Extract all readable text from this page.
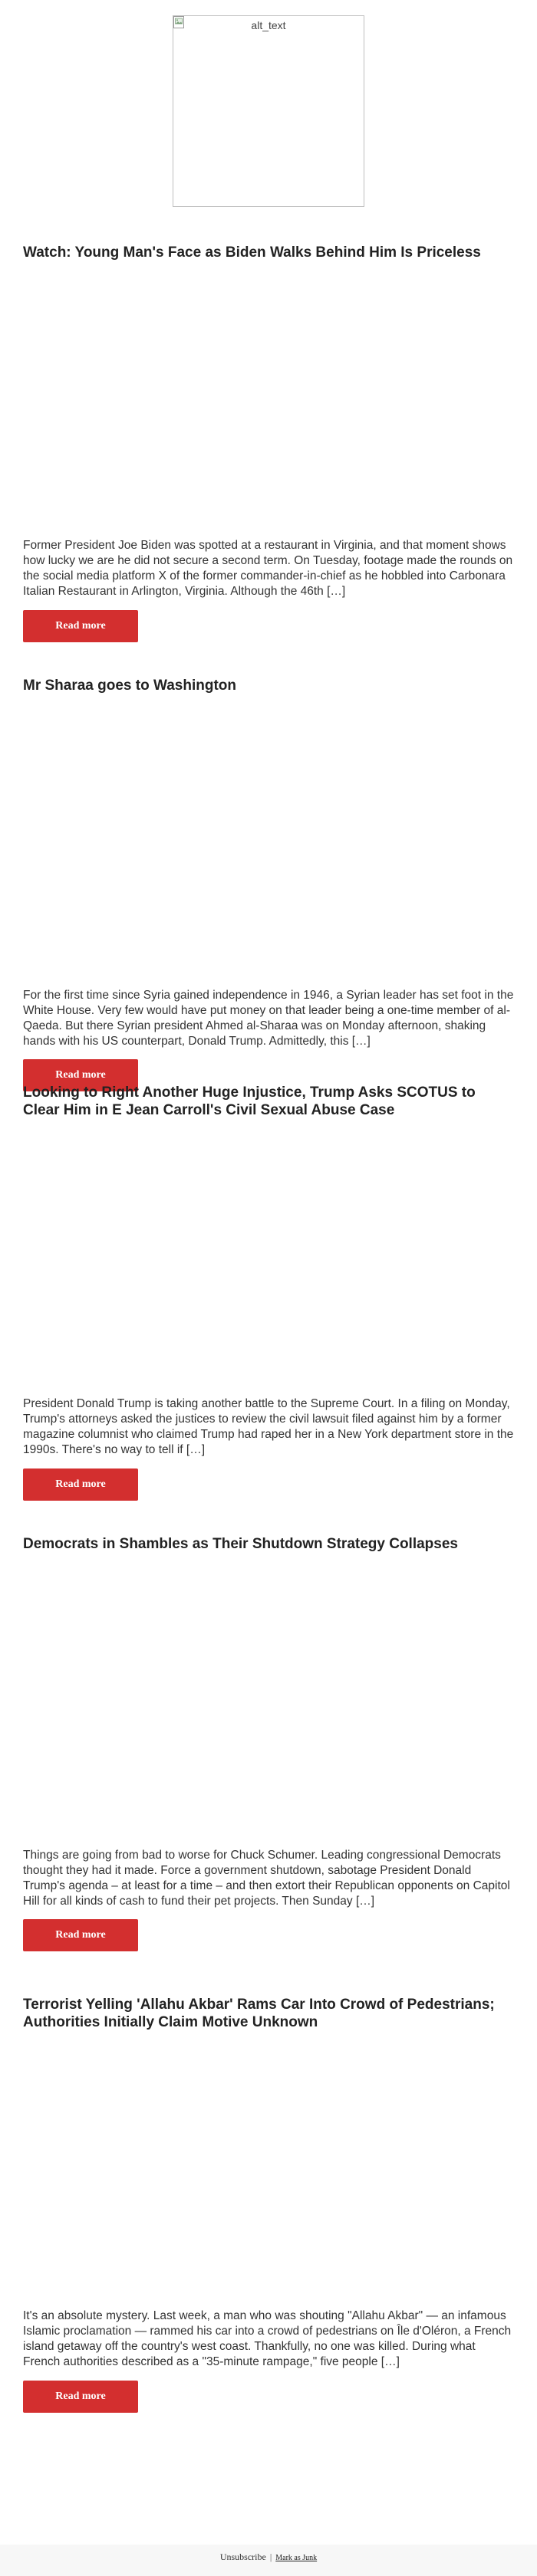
alt_text
Watch: Young Man's Face as Biden Walks Behind Him Is Priceless

Former President Joe Biden was spotted at a restaurant in Virginia, and that moment shows how lucky we are he did not secure a second term. On Tuesday, footage made the rounds on the social media platform X of the former commander-in-chief as he hobbled into Carbonara Italian Restaurant in Arlington, Virginia. Although the 46th […]

Read more
Mr Sharaa goes to Washington

For the first time since Syria gained independence in 1946, a Syrian leader has set foot in the White House. Very few would have put money on that leader being a one-time member of al-Qaeda. But there Syrian president Ahmed al-Sharaa was on Monday afternoon, shaking hands with his US counterpart, Donald Trump. Admittedly, this […]

Read more
Looking to Right Another Huge Injustice, Trump Asks SCOTUS to Clear Him in E Jean Carroll's Civil Sexual Abuse Case

President Donald Trump is taking another battle to the Supreme Court. In a filing on Monday, Trump's attorneys asked the justices to review the civil lawsuit filed against him by a former magazine columnist who claimed Trump had raped her in a New York department store in the 1990s. There's no way to tell if […]

Read more
Democrats in Shambles as Their Shutdown Strategy Collapses

Things are going from bad to worse for Chuck Schumer. Leading congressional Democrats thought they had it made. Force a government shutdown, sabotage President Donald Trump's agenda – at least for a time – and then extort their Republican opponents on Capitol Hill for all kinds of cash to fund their pet projects. Then Sunday […]

Read more
Terrorist Yelling 'Allahu Akbar' Rams Car Into Crowd of Pedestrians; Authorities Initially Claim Motive Unknown

It's an absolute mystery. Last week, a man who was shouting "Allahu Akbar" — an infamous Islamic proclamation — rammed his car into a crowd of pedestrians on Île d'Oléron, a French island getaway off the country's west coast. Thankfully, no one was killed. During what French authorities described as a "35-minute rampage," five people […]

Read more
Unsubscribe | Mark as Junk
